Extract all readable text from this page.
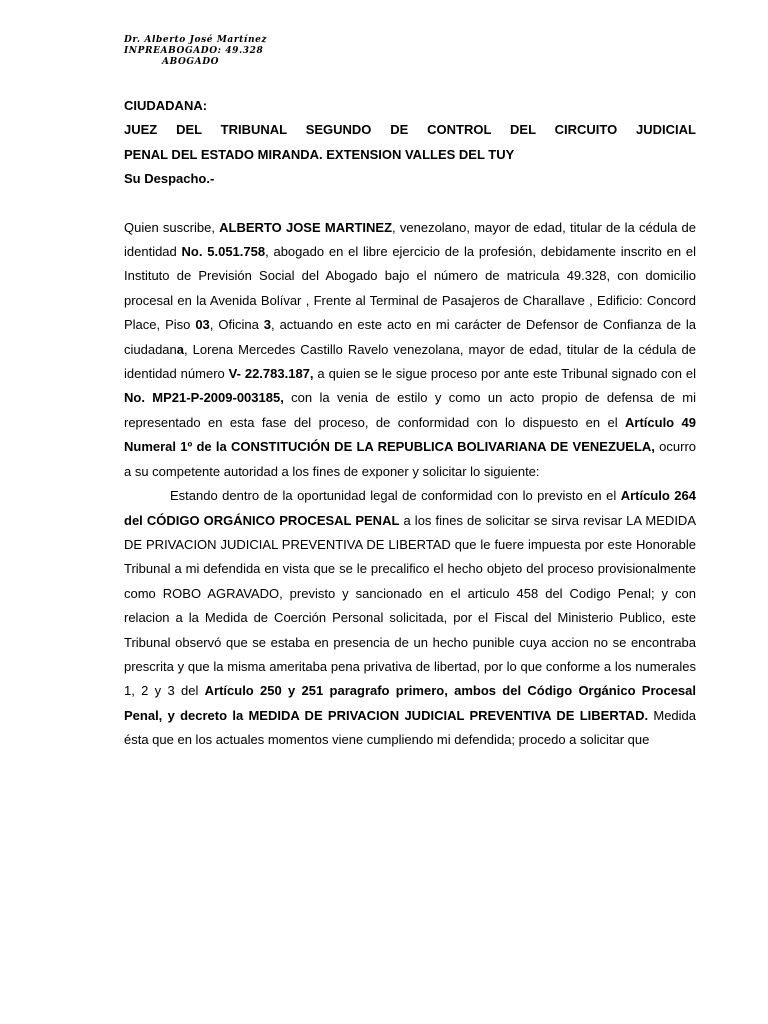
Dr. Alberto José Martínez
INPREABOGADO: 49.328
ABOGADO
CIUDADANA:
JUEZ DEL TRIBUNAL SEGUNDO DE CONTROL DEL CIRCUITO JUDICIAL
PENAL DEL ESTADO MIRANDA. EXTENSION VALLES DEL TUY
Su Despacho.-

Quien suscribe, ALBERTO JOSE MARTINEZ, venezolano, mayor de edad, titular de la cédula de identidad No. 5.051.758, abogado en el libre ejercicio de la profesión, debidamente inscrito en el Instituto de Previsión Social del Abogado bajo el número de matricula 49.328, con domicilio procesal en la Avenida Bolívar , Frente al Terminal de Pasajeros de Charallave , Edificio: Concord Place, Piso 03, Oficina 3, actuando en este acto en mi carácter de Defensor de Confianza de la ciudadana, Lorena Mercedes Castillo Ravelo venezolana, mayor de edad, titular de la cédula de identidad número V- 22.783.187, a quien se le sigue proceso por ante este Tribunal signado con el No. MP21-P-2009-003185, con la venia de estilo y como un acto propio de defensa de mi representado en esta fase del proceso, de conformidad con lo dispuesto en el Artículo 49 Numeral 1º de la CONSTITUCIÓN DE LA REPUBLICA BOLIVARIANA DE VENEZUELA, ocurro a su competente autoridad a los fines de exponer y solicitar lo siguiente:

Estando dentro de la oportunidad legal de conformidad con lo previsto en el Artículo 264 del CÓDIGO ORGÁNICO PROCESAL PENAL a los fines de solicitar se sirva revisar LA MEDIDA DE PRIVACION JUDICIAL PREVENTIVA DE LIBERTAD que le fuere impuesta por este Honorable Tribunal a mi defendida en vista que se le precalifico el hecho objeto del proceso provisionalmente como ROBO AGRAVADO, previsto y sancionado en el articulo 458 del Codigo Penal; y con relacion a la Medida de Coerción Personal solicitada, por el Fiscal del Ministerio Publico, este Tribunal observó que se estaba en presencia de un hecho punible cuya accion no se encontraba prescrita y que la misma ameritaba pena privativa de libertad, por lo que conforme a los numerales 1, 2 y 3 del Artículo 250 y 251 paragrafo primero, ambos del Código Orgánico Procesal Penal, y decreto la MEDIDA DE PRIVACION JUDICIAL PREVENTIVA DE LIBERTAD. Medida ésta que en los actuales momentos viene cumpliendo mi defendida; procedo a solicitar que
